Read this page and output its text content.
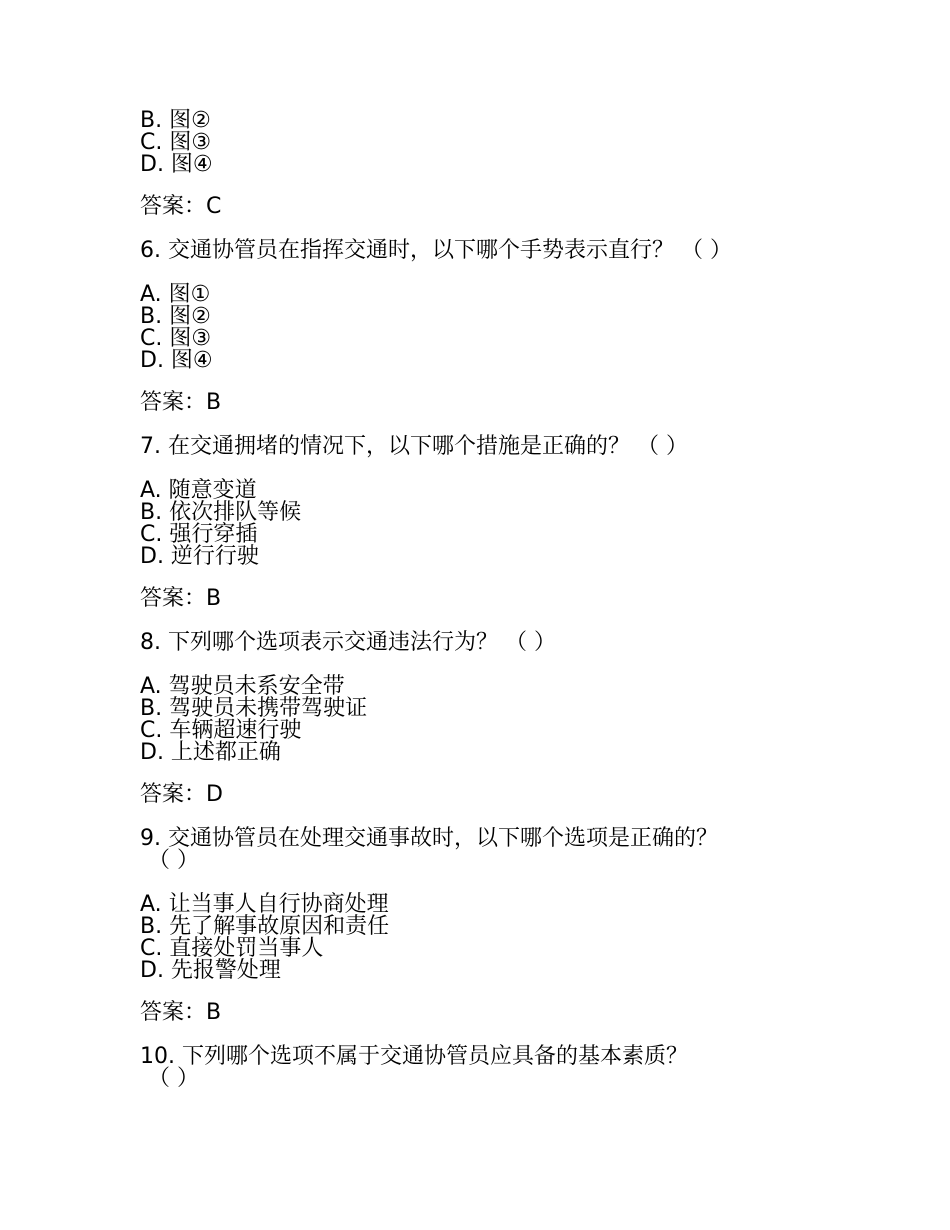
B. 图②
C. 图③
D. 图④
答案：C
6. 交通协管员在指挥交通时，以下哪个手势表示直行？ （ ）
A. 图①
B. 图②
C. 图③
D. 图④
答案：B
7. 在交通拥堵的情况下，以下哪个措施是正确的？ （ ）
A. 随意变道
B. 依次排队等候
C. 强行穿插
D. 逆行行驶
答案：B
8. 下列哪个选项表示交通违法行为？ （ ）
A. 驾驶员未系安全带
B. 驾驶员未携带驾驶证
C. 车辆超速行驶
D. 上述都正确
答案：D
9. 交通协管员在处理交通事故时，以下哪个选项是正确的？
（ ）
A. 让当事人自行协商处理
B. 先了解事故原因和责任
C. 直接处罚当事人
D. 先报警处理
答案：B
10. 下列哪个选项不属于交通协管员应具备的基本素质？
（ ）
